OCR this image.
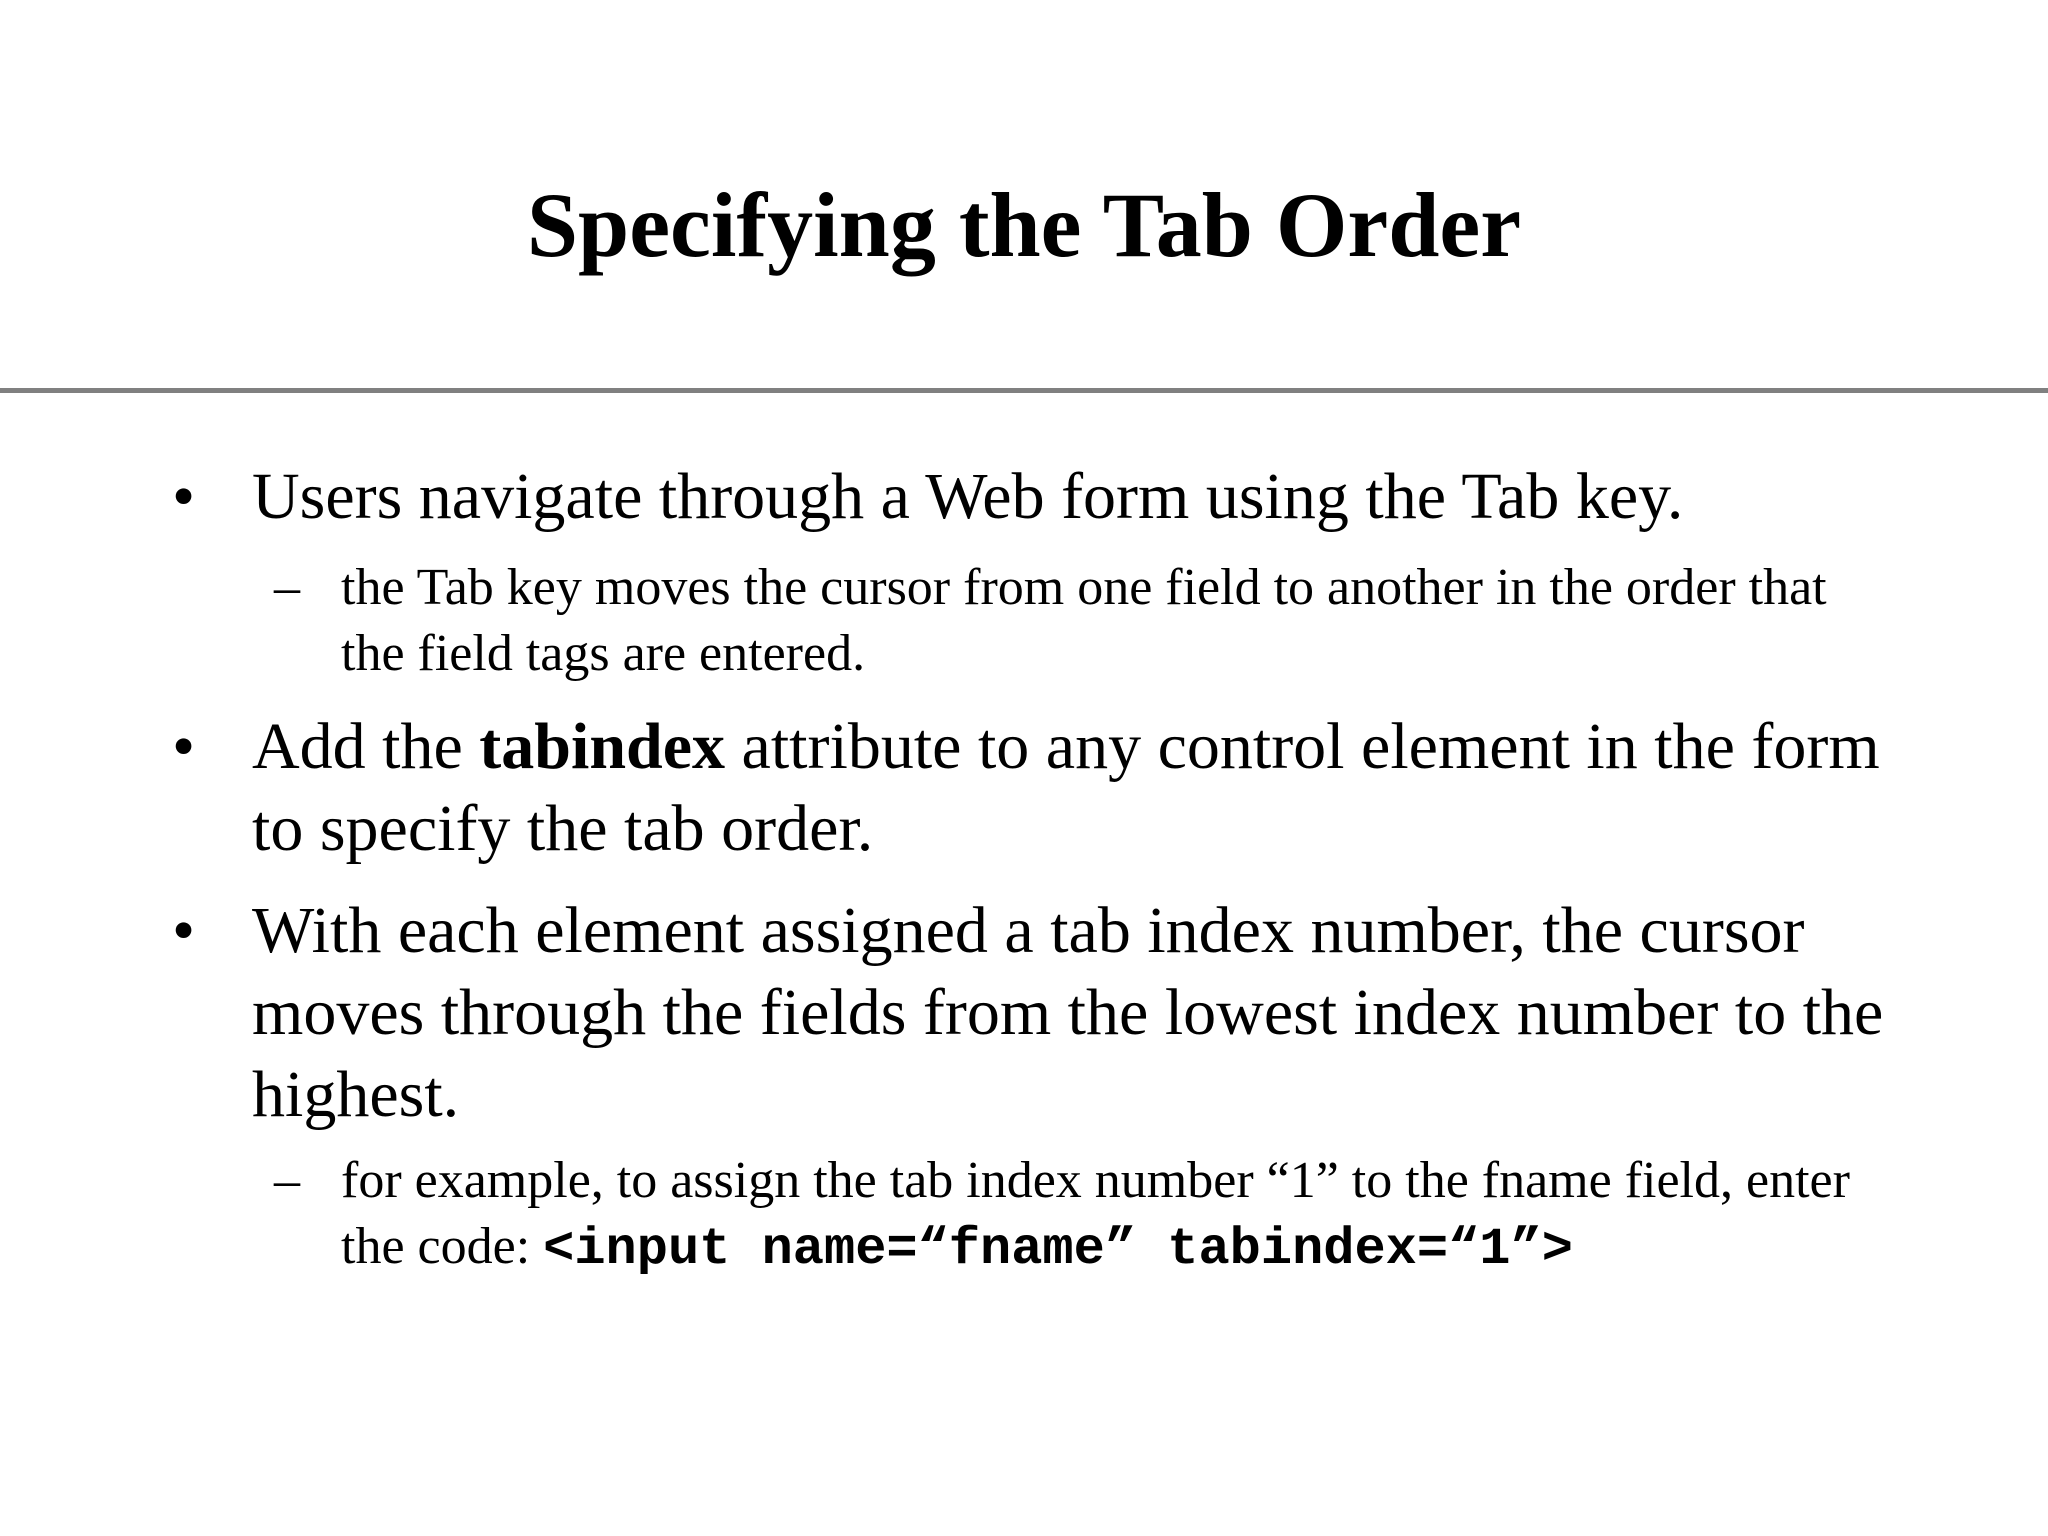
Specifying the Tab Order
• Users navigate through a Web form using the Tab key.
– the Tab key moves the cursor from one field to another in the order that the field tags are entered.
• Add the tabindex attribute to any control element in the form to specify the tab order.
• With each element assigned a tab index number, the cursor moves through the fields from the lowest index number to the highest.
– for example, to assign the tab index number “1” to the fname field, enter the code: <input name=“fname” tabindex=“1”>
